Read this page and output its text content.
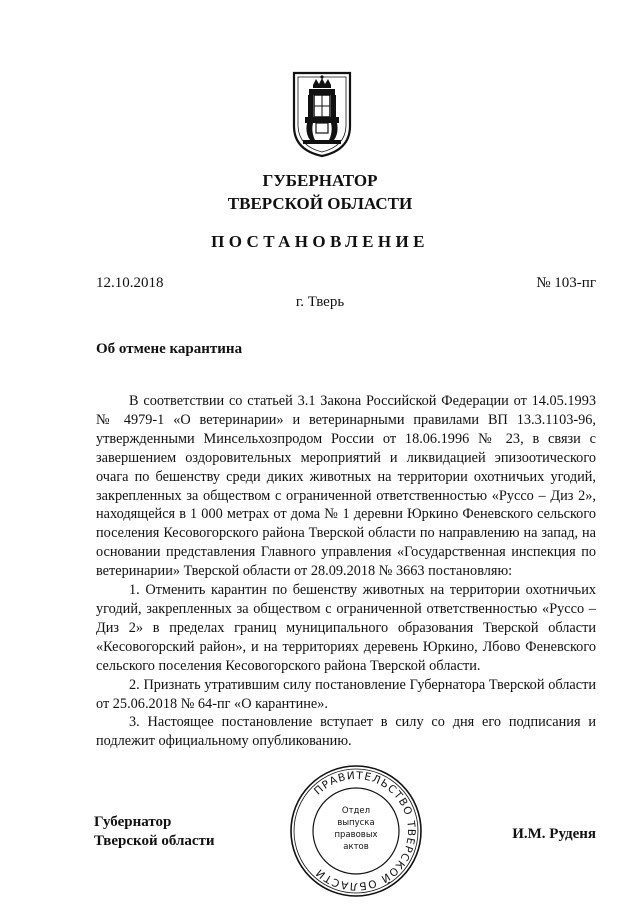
ГУБЕРНАТОР
ТВЕРСКОЙ ОБЛАСТИ
ПОСТАНОВЛЕНИЕ
12.10.2018	№ 103-пг
г. Тверь
Об отмене карантина

В соответствии со статьей 3.1 Закона Российской Федерации от 14.05.1993 № 4979-1 «О ветеринарии» и ветеринарными правилами ВП 13.3.1103-96, утвержденными Минсельхозпродом России от 18.06.1996 № 23, в связи с завершением оздоровительных мероприятий и ликвидацией эпизоотического очага по бешенству среди диких животных на территории охотничьих угодий, закрепленных за обществом с ограниченной ответственностью «Руссо – Диз 2», находящейся в 1 000 метрах от дома № 1 деревни Юркино Феневского сельского поселения Кесовогорского района Тверской области по направлению на запад, на основании представления Главного управления «Государственная инспекция по ветеринарии» Тверской области от 28.09.2018 № 3663 постановляю:

1. Отменить карантин по бешенству животных на территории охотничьих угодий, закрепленных за обществом с ограниченной ответственностью «Руссо – Диз 2» в пределах границ муниципального образования Тверской области «Кесовогорский район», и на территориях деревень Юркино, Лбово Феневского сельского поселения Кесовогорского района Тверской области.

2. Признать утратившим силу постановление Губернатора Тверской области от 25.06.2018 № 64-пг «О карантине».

3. Настоящее постановление вступает в силу со дня его подписания и подлежит официальному опубликованию.

Губернатор
Тверской области	И.М. Руденя
ПРАВИТЕЛЬСТВО ТВЕРСКОЙ ОБЛАСТИ
Отдел
выпуска
правовых
актов
